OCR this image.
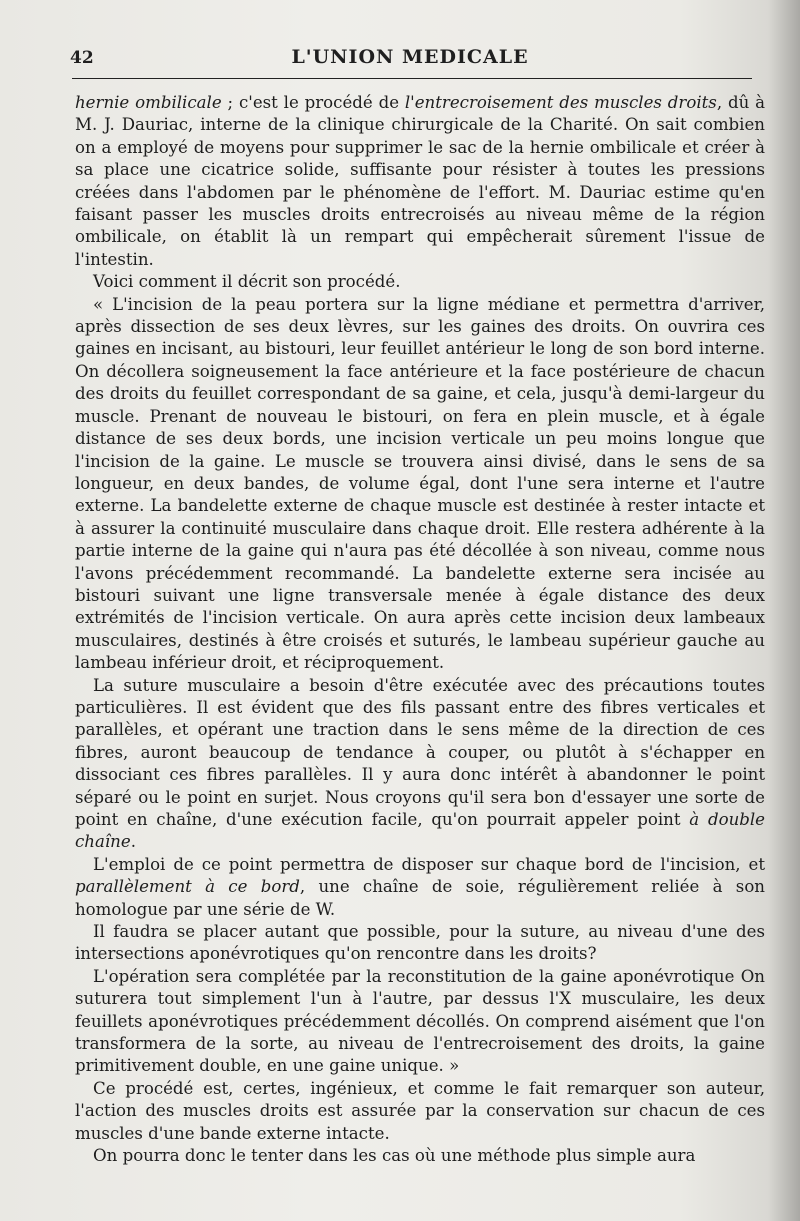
42	L'UNION MEDICALE

hernie ombilicale ; c'est le procédé de l'entrecroisement des muscles droits, dû à M. J. Dauriac, interne de la clinique chirurgicale de la Charité. On sait combien on a employé de moyens pour supprimer le sac de la hernie ombilicale et créer à sa place une cicatrice solide, suffisante pour résister à toutes les pressions créées dans l'abdomen par le phénomène de l'effort. M. Dauriac estime qu'en faisant passer les muscles droits entrecroisés au niveau même de la région ombilicale, on établit là un rempart qui empêcherait sûrement l'issue de l'intestin.

Voici comment il décrit son procédé.

« L'incision de la peau portera sur la ligne médiane et permettra d'arriver, après dissection de ses deux lèvres, sur les gaines des droits. On ouvrira ces gaines en incisant, au bistouri, leur feuillet antérieur le long de son bord interne. On décollera soigneusement la face antérieure et la face postérieure de chacun des droits du feuillet correspondant de sa gaine, et cela, jusqu'à demi-largeur du muscle. Prenant de nouveau le bistouri, on fera en plein muscle, et à égale distance de ses deux bords, une incision verticale un peu moins longue que l'incision de la gaine. Le muscle se trouvera ainsi divisé, dans le sens de sa longueur, en deux bandes, de volume égal, dont l'une sera interne et l'autre externe. La bandelette externe de chaque muscle est destinée à rester intacte et à assurer la continuité musculaire dans chaque droit. Elle restera adhérente à la partie interne de la gaine qui n'aura pas été décollée à son niveau, comme nous l'avons précédemment recommandé. La bandelette externe sera incisée au bistouri suivant une ligne transversale menée à égale distance des deux extrémités de l'incision verticale. On aura après cette incision deux lambeaux musculaires, destinés à être croisés et suturés, le lambeau supérieur gauche au lambeau inférieur droit, et réciproquement.

La suture musculaire a besoin d'être exécutée avec des précautions toutes particulières. Il est évident que des fils passant entre des fibres verticales et parallèles, et opérant une traction dans le sens même de la direction de ces fibres, auront beaucoup de tendance à couper, ou plutôt à s'échapper en dissociant ces fibres parallèles. Il y aura donc intérêt à abandonner le point séparé ou le point en surjet. Nous croyons qu'il sera bon d'essayer une sorte de point en chaîne, d'une exécution facile, qu'on pourrait appeler point à double chaîne.

L'emploi de ce point permettra de disposer sur chaque bord de l'incision, et parallèlement à ce bord, une chaîne de soie, régulièrement reliée à son homologue par une série de W.

Il faudra se placer autant que possible, pour la suture, au niveau d'une des intersections aponévrotiques qu'on rencontre dans les droits?

L'opération sera complétée par la reconstitution de la gaine aponévrotique On suturera tout simplement l'un à l'autre, par dessus l'X musculaire, les deux feuillets aponévrotiques précédemment décollés. On comprend aisément que l'on transformera de la sorte, au niveau de l'entrecroisement des droits, la gaine primitivement double, en une gaine unique. »

Ce procédé est, certes, ingénieux, et comme le fait remarquer son auteur, l'action des muscles droits est assurée par la conservation sur chacun de ces muscles d'une bande externe intacte.

On pourra donc le tenter dans les cas où une méthode plus simple aura
